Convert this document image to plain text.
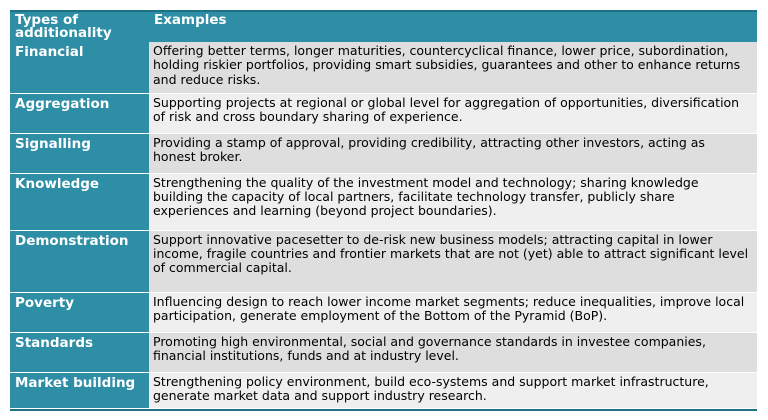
Types of additionality	Examples
Financial	Offering better terms, longer maturities, countercyclical finance, lower price, subordination, holding riskier portfolios, providing smart subsidies, guarantees and other to enhance returns and reduce risks.
Aggregation	Supporting projects at regional or global level for aggregation of opportunities, diversification of risk and cross boundary sharing of experience.
Signalling	Providing a stamp of approval, providing credibility, attracting other investors, acting as honest broker.
Knowledge	Strengthening the quality of the investment model and technology; sharing knowledge building the capacity of local partners, facilitate technology transfer, publicly share experiences and learning (beyond project boundaries).
Demonstration	Support innovative pacesetter to de-risk new business models; attracting capital in lower income, fragile countries and frontier markets that are not (yet) able to attract significant level of commercial capital.
Poverty	Influencing design to reach lower income market segments; reduce inequalities, improve local participation, generate employment of the Bottom of the Pyramid (BoP).
Standards	Promoting high environmental, social and governance standards in investee companies, financial institutions, funds and at industry level.
Market building	Strengthening policy environment, build eco-systems and support market infrastructure, generate market data and support industry research.
